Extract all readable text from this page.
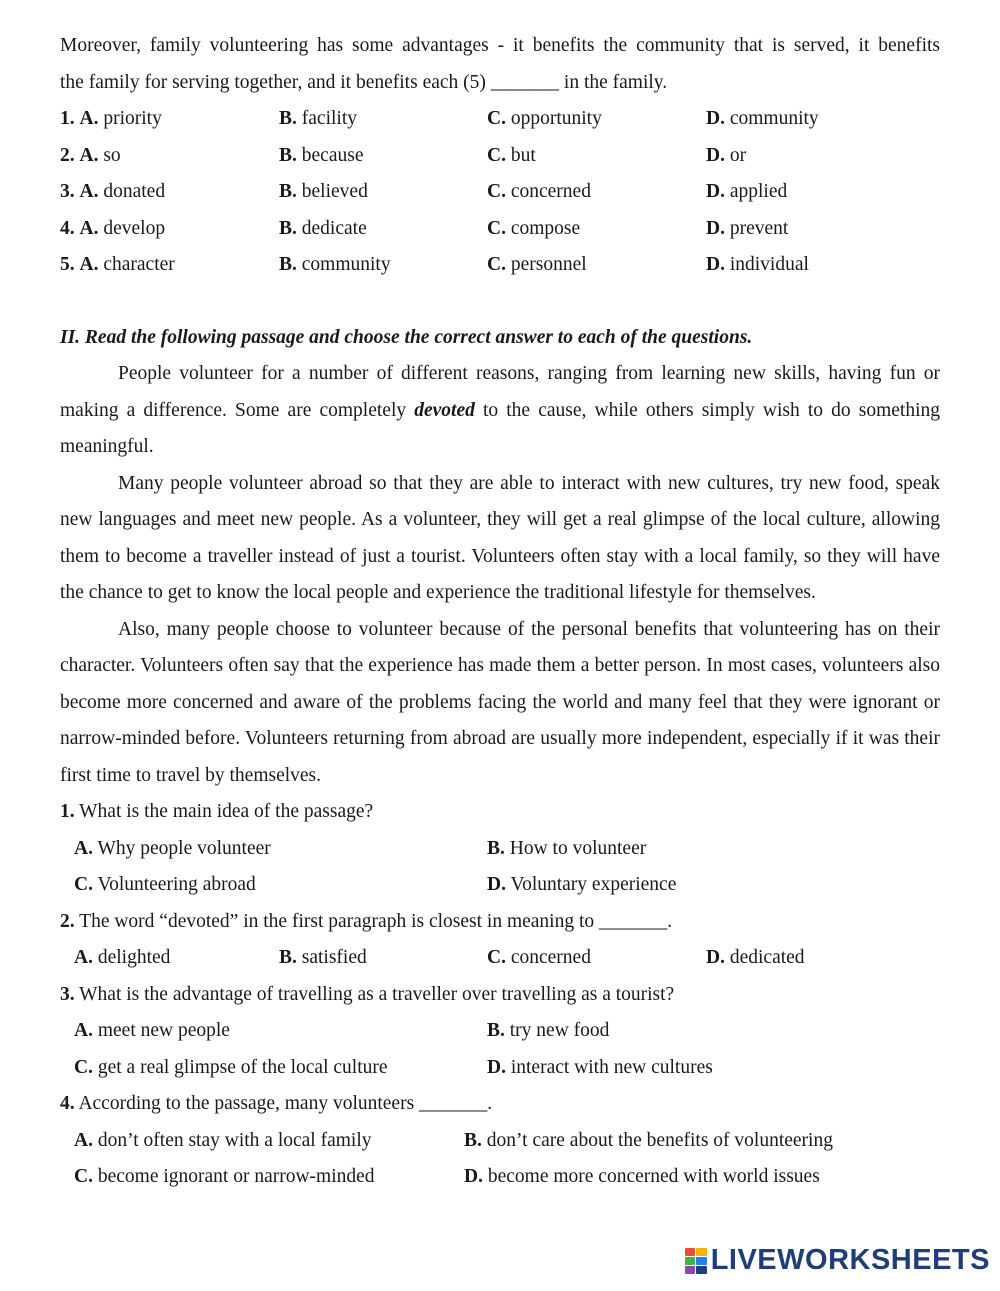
Moreover, family volunteering has some advantages - it benefits the community that is served, it benefits
the family for serving together, and it benefits each (5) _______ in the family.
1. A. priority	B. facility	C. opportunity	D. community
2. A. so	B. because	C. but	D. or
3. A. donated	B. believed	C. concerned	D. applied
4. A. develop	B. dedicate	C. compose	D. prevent
5. A. character	B. community	C. personnel	D. individual
II. Read the following passage and choose the correct answer to each of the questions.

People volunteer for a number of different reasons, ranging from learning new skills, having fun or making a difference. Some are completely devoted to the cause, while others simply wish to do something meaningful.

Many people volunteer abroad so that they are able to interact with new cultures, try new food, speak new languages and meet new people. As a volunteer, they will get a real glimpse of the local culture, allowing them to become a traveller instead of just a tourist. Volunteers often stay with a local family, so they will have the chance to get to know the local people and experience the traditional lifestyle for themselves.

Also, many people choose to volunteer because of the personal benefits that volunteering has on their character. Volunteers often say that the experience has made them a better person. In most cases, volunteers also become more concerned and aware of the problems facing the world and many feel that they were ignorant or narrow-minded before. Volunteers returning from abroad are usually more independent, especially if it was their first time to travel by themselves.

1. What is the main idea of the passage?
A. Why people volunteer	B. How to volunteer
C. Volunteering abroad	D. Voluntary experience
2. The word “devoted” in the first paragraph is closest in meaning to _______.
A. delighted	B. satisfied	C. concerned	D. dedicated
3. What is the advantage of travelling as a traveller over travelling as a tourist?
A. meet new people	B. try new food
C. get a real glimpse of the local culture	D. interact with new cultures
4. According to the passage, many volunteers _______.
A. don’t often stay with a local family	B. don’t care about the benefits of volunteering
C. become ignorant or narrow-minded	D. become more concerned with world issues
LIVEWORKSHEETS
